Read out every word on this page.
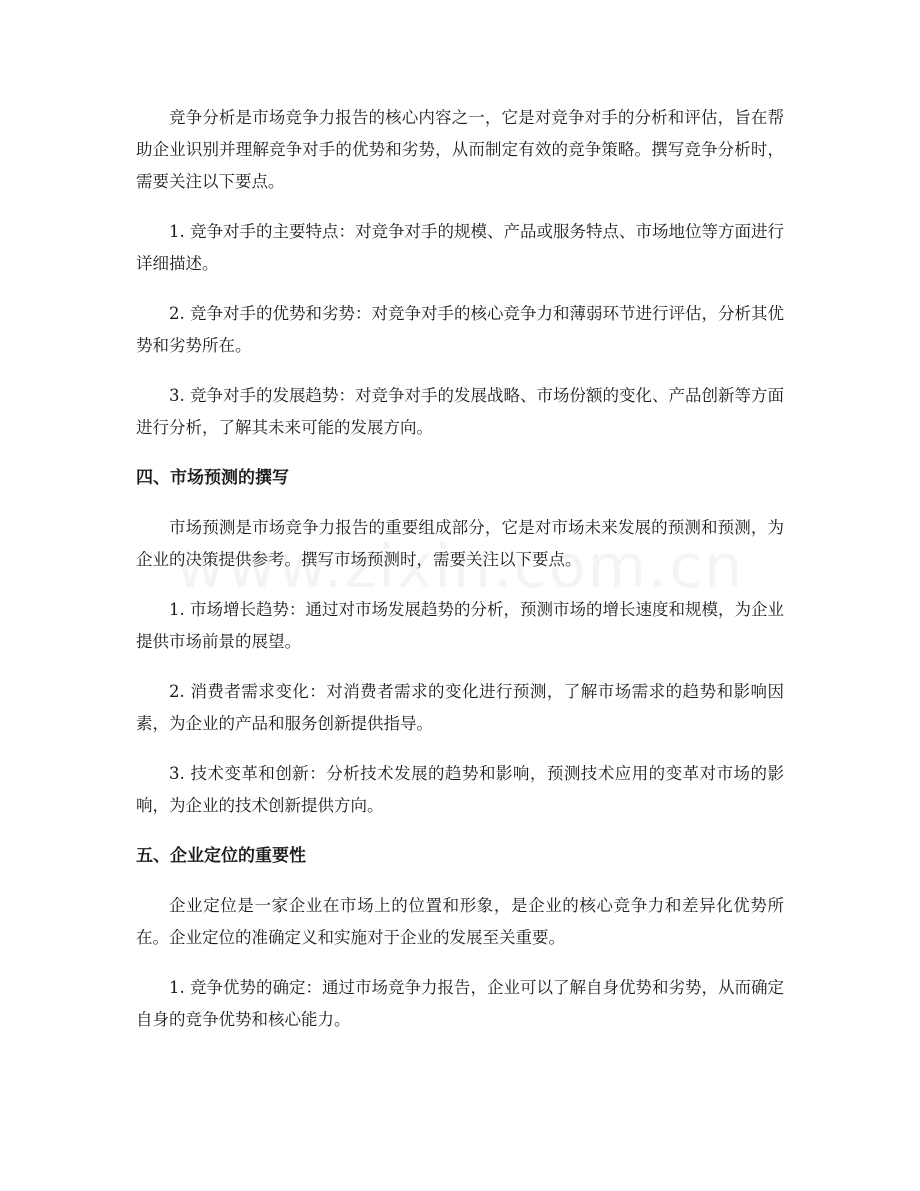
竞争分析是市场竞争力报告的核心内容之一，它是对竞争对手的分析和评估，旨在帮助企业识别并理解竞争对手的优势和劣势，从而制定有效的竞争策略。撰写竞争分析时，需要关注以下要点。

1. 竞争对手的主要特点：对竞争对手的规模、产品或服务特点、市场地位等方面进行详细描述。

2. 竞争对手的优势和劣势：对竞争对手的核心竞争力和薄弱环节进行评估，分析其优势和劣势所在。

3. 竞争对手的发展趋势：对竞争对手的发展战略、市场份额的变化、产品创新等方面进行分析，了解其未来可能的发展方向。

四、市场预测的撰写

市场预测是市场竞争力报告的重要组成部分，它是对市场未来发展的预测和预测，为企业的决策提供参考。撰写市场预测时，需要关注以下要点。

1. 市场增长趋势：通过对市场发展趋势的分析，预测市场的增长速度和规模，为企业提供市场前景的展望。

2. 消费者需求变化：对消费者需求的变化进行预测，了解市场需求的趋势和影响因素，为企业的产品和服务创新提供指导。

3. 技术变革和创新：分析技术发展的趋势和影响，预测技术应用的变革对市场的影响，为企业的技术创新提供方向。

五、企业定位的重要性

企业定位是一家企业在市场上的位置和形象，是企业的核心竞争力和差异化优势所在。企业定位的准确定义和实施对于企业的发展至关重要。

1. 竞争优势的确定：通过市场竞争力报告，企业可以了解自身优势和劣势，从而确定自身的竞争优势和核心能力。
